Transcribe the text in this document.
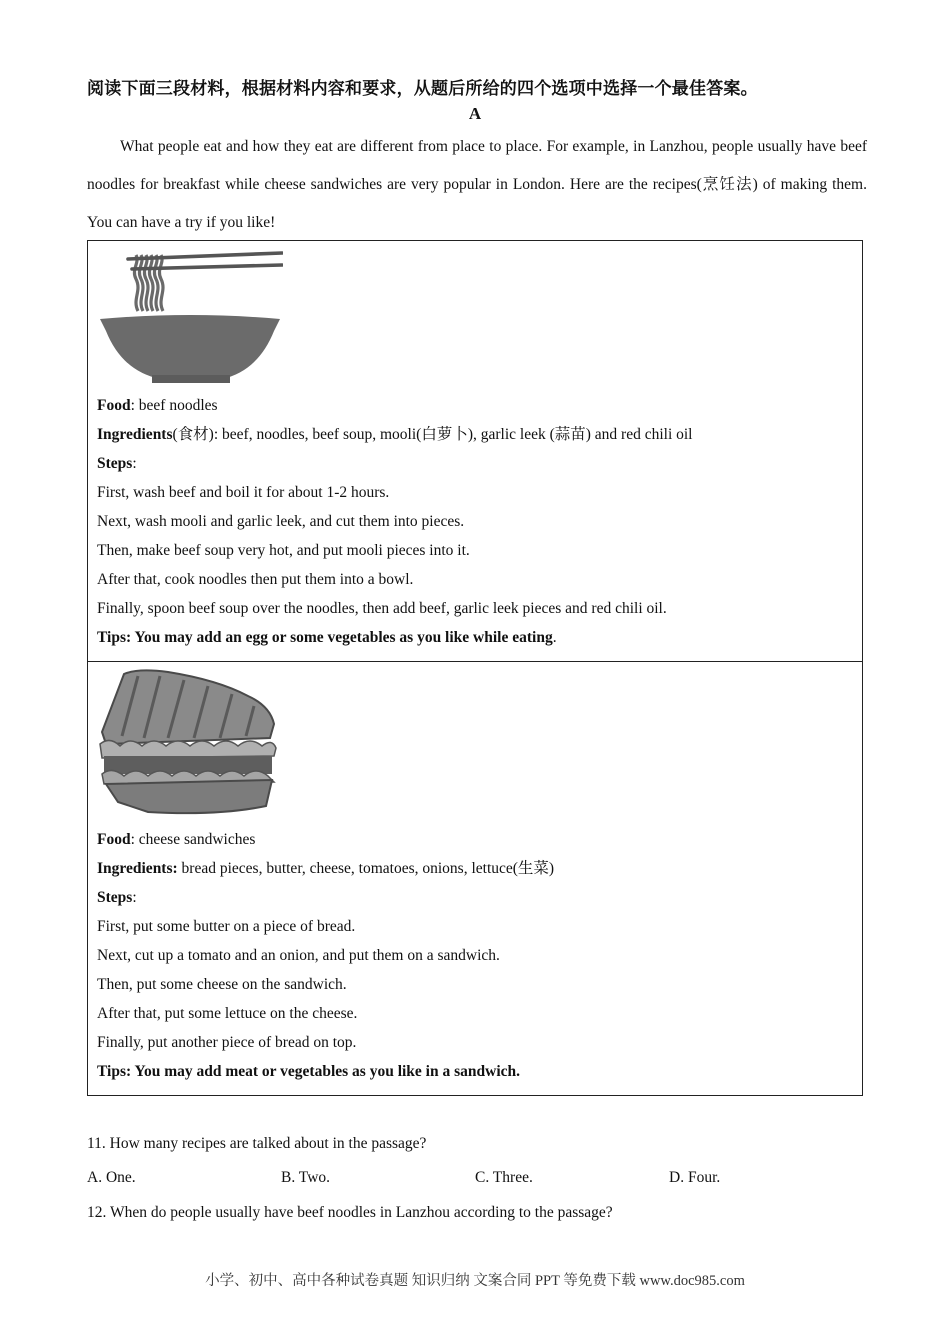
阅读下面三段材料，根据材料内容和要求，从题后所给的四个选项中选择一个最佳答案。
A
What people eat and how they eat are different from place to place. For example, in Lanzhou, people usually have beef noodles for breakfast while cheese sandwiches are very popular in London. Here are the recipes(烹饪法) of making them. You can have a try if you like!
Food: beef noodles
Ingredients(食材): beef, noodles, beef soup, mooli(白萝卜), garlic leek (蒜苗) and red chili oil
Steps:
First, wash beef and boil it for about 1-2 hours.
Next, wash mooli and garlic leek, and cut them into pieces.
Then, make beef soup very hot, and put mooli pieces into it.
After that, cook noodles then put them into a bowl.
Finally, spoon beef soup over the noodles, then add beef, garlic leek pieces and red chili oil.
Tips: You may add an egg or some vegetables as you like while eating.
Food: cheese sandwiches
Ingredients: bread pieces, butter, cheese, tomatoes, onions, lettuce(生菜)
Steps:
First, put some butter on a piece of bread.
Next, cut up a tomato and an onion, and put them on a sandwich.
Then, put some cheese on the sandwich.
After that, put some lettuce on the cheese.
Finally, put another piece of bread on top.
Tips: You may add meat or vegetables as you like in a sandwich.
11. How many recipes are talked about in the passage?
A. One.	B. Two.	C. Three.	D. Four.
12. When do people usually have beef noodles in Lanzhou according to the passage?
小学、初中、高中各种试卷真题 知识归纳 文案合同 PPT 等免费下载 www.doc985.com
